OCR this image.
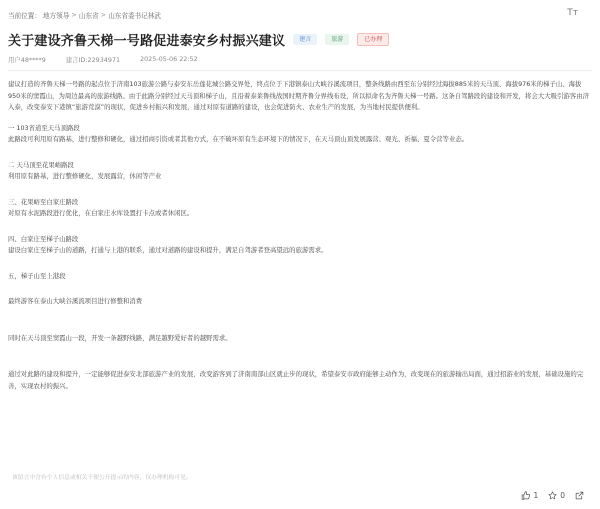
当前位置： 地方领导 > 山东省 > 山东省委书记林武	Tт
关于建设齐鲁天梯一号路促进泰安乡村振兴建议	建言	旅游	已办理
用户48****9	建言ID:22934971	2025-05-06 22:52

建议打造的齐鲁天梯一号路的起点位于济南103旅游公路与泰安东岳莲花城公路交界处，终点位于下港镇泰山大峡谷溪流项目，整条线路由西至东分别经过海拔885米的天马顶、海拔976米的梯子山、海拔950米的窦霞山，为周边最高的旅游线路。由于此路分别经过天马顶和梯子山，且沿着泰莱鲁线战国时期齐鲁分界线布设，所以拟命名为齐鲁天梯一号路。这条自驾路段的建设和开发，将会大大吸引游客由济入泰，改变泰安下港镇“旅游荒漠”的现状，促进乡村振兴和发展，通过对原有道路的建设，也会促进防火、农业生产的发展，为当地村民提供便利。

一 103省道至天马顶路段

此路段可利用原有路基，进行整修和硬化，通过招商引资或者其他方式，在不破坏原有生态环境下的情况下，在天马顶山顶发展露营、观光、祈福、夏令营等业态。

二 天马顶至花果峪路段

利用原有路基，进行整修硬化，发展露营，休闲等产业

三、花果峪至白家庄路段

对原有水泥路段进行优化，在白家庄水库设置打卡点或者休闲区。

四、白家庄至梯子山路段

建设白家庄至梯子山的道路，打通与上港的联系，通过对道路的建设和提升，满足自驾游者登高望远的旅游需求。

五，梯子山至上港段

最终游客在泰山大峡谷溪流项目进行修整和消费

同时在天马顶至窦霞山一段，开发一条越野线路，满足越野爱好者的越野需求。

通过对此路的建设和提升，一定能够促进泰安北部旅游产业的发展，改变游客到了济南南部山区就止步的现状，希望泰安市政府能够主动作为，改变现在的旅游输出局面，通过招游业的发展，基础设施的完善，实现农村的振兴。

该留言中含有个人信息或相关不便公开提示的内容，仅办理机构可见。
1	0
